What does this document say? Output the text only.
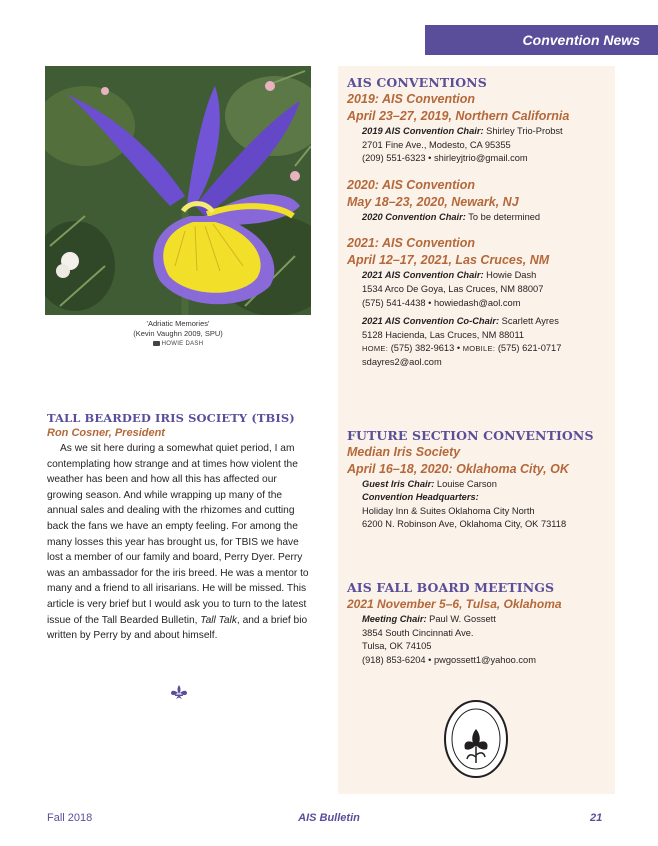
Convention News
'Adriatic Memories'
(Kevin Vaughn 2009, SPU)
HOWIE DASH
TALL BEARDED IRIS SOCIETY (TBIS)
Ron Cosner, President

As we sit here during a somewhat quiet period, I am contemplating how strange and at times how violent the weather has been and how all this has affected our growing season. And while wrapping up many of the annual sales and dealing with the rhizomes and cutting back the fans we have an empty feeling. For among the many losses this year has brought us, for TBIS we have lost a member of our family and board, Perry Dyer. Perry was an ambassador for the iris breed. He was a mentor to many and a friend to all irisarians. He will be missed. This article is very brief but I would ask you to turn to the latest issue of the Tall Bearded Bulletin, Tall Talk, and a brief bio written by Perry by and about himself.

AIS CONVENTIONS
2019: AIS Convention
April 23–27, 2019, Northern California
2019 AIS Convention Chair: Shirley Trio-Probst
2701 Fine Ave., Modesto, CA 95355
(209) 551-6323 • shirleyjtrio@gmail.com
2020: AIS Convention
May 18–23, 2020, Newark, NJ
2020 Convention Chair: To be determined
2021: AIS Convention
April 12–17, 2021, Las Cruces, NM
2021 AIS Convention Chair: Howie Dash
1534 Arco De Goya, Las Cruces, NM 88007
(575) 541-4438 • howiedash@aol.com
2021 AIS Convention Co-Chair: Scarlett Ayres
5128 Hacienda, Las Cruces, NM 88011
HOME: (575) 382-9613 • MOBILE: (575) 621-0717
sdayres2@aol.com
FUTURE SECTION CONVENTIONS
Median Iris Society
April 16–18, 2020: Oklahoma City, OK
Guest Iris Chair: Louise Carson
Convention Headquarters:
Holiday Inn & Suites Oklahoma City North
6200 N. Robinson Ave, Oklahoma City, OK 73118
AIS FALL BOARD MEETINGS
2021 November 5–6, Tulsa, Oklahoma
Meeting Chair: Paul W. Gossett
3854 South Cincinnati Ave.
Tulsa, OK 74105
(918) 853-6204 • pwgossett1@yahoo.com
Fall 2018	AIS Bulletin	21
